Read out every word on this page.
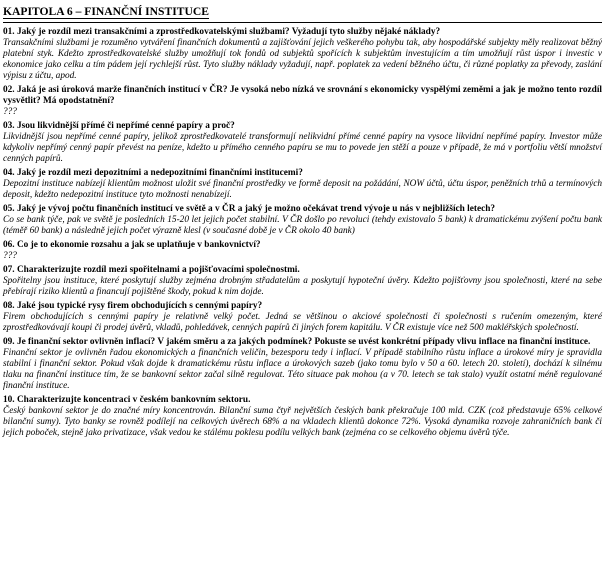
KAPITOLA 6 – FINANČNÍ INSTITUCE

01. Jaký je rozdíl mezi transakčními a zprostředkovatelskými službami? Vyžadují tyto služby nějaké náklady?

Transakčními službami je rozuměno vytváření finančních dokumentů a zajišťování jejich veškerého pohybu tak, aby hospodářské subjekty měly realizovat běžný platební styk. Kdežto zprostředkovatelské služby umožňují tok fondů od subjektů spořících k subjektům investujícím a tím umožňují růst úspor i investic v ekonomice jako celku a tím pádem její rychlejší růst. Tyto služby náklady vyžadují, např. poplatek za vedení běžného účtu, či různé poplatky za převody, zaslání výpisu z účtu, apod.

02. Jaká je asi úroková marže finančních institucí v ČR? Je vysoká nebo nízká ve srovnání s ekonomicky vyspělými zeměmi a jak je možno tento rozdíl vysvětlit? Má opodstatnění?

???

03. Jsou likvidnější přímé či nepřímé cenné papíry a proč?

Likvidnější jsou nepřímé cenné papíry, jelikož zprostředkovatelé transformují nelikvidní přímé cenné papíry na vysoce likvidní nepřímé papíry. Investor může kdykoliv nepřímý cenný papír převést na peníze, kdežto u přímého cenného papíru se mu to povede jen stěží a pouze v případě, že má v portfoliu větší množství cenných papírů.

04. Jaký je rozdíl mezi depozitními a nedepozitními finančními institucemi?

Depozitní instituce nabízejí klientům možnost uložit své finanční prostředky ve formě deposit na požádání, NOW účtů, účtu úspor, peněžních trhů a termínových deposit, kdežto nedepozitní instituce tyto možnosti nenabízejí.

05. Jaký je vývoj počtu finančních institucí ve světě a v ČR a jaký je možno očekávat trend vývoje u nás v nejbližších letech?

Co se bank týče, pak ve světě je posledních 15-20 let jejich počet stabilní. V ČR došlo po revoluci (tehdy existovalo 5 bank) k dramatickému zvýšení počtu bank (téměř 60 bank) a následně jejich počet výrazně klesl (v současné době je v ČR okolo 40 bank)

06. Co je to ekonomie rozsahu a jak se uplatňuje v bankovnictví?

???

07. Charakterizujte rozdíl mezi spořitelnami a pojišťovacími společnostmi.

Spořitelny jsou instituce, které poskytují služby zejména drobným střadatelům a poskytují hypoteční úvěry. Kdežto pojišťovny jsou společnosti, které na sebe přebírají riziko klientů a financují pojištěné škody, pokud k nim dojde.

08. Jaké jsou typické rysy firem obchodujících s cennými papíry?

Firem obchodujících s cennými papíry je relativně velký počet. Jedná se většinou o akciové společnosti či společnosti s ručením omezeným, které zprostředkovávají koupi či prodej úvěrů, vkladů, pohledávek, cenných papírů či jiných forem kapitálu. V ČR existuje více než 500 makléřských společností.

09. Je finanční sektor ovlivněn inflací? V jakém směru a za jakých podmínek? Pokuste se uvést konkrétní případy vlivu inflace na finanční instituce.

Finanční sektor je ovlivněn řadou ekonomických a finančních veličin, bezesporu tedy i inflací. V případě stabilního růstu inflace a úrokové míry je spravidla stabilní i finanční sektor. Pokud však dojde k dramatickému růstu inflace a úrokových sazeb (jako tomu bylo v 50 a 60. letech 20. století), dochází k silnému tlaku na finanční instituce tím, že se bankovní sektor začal silně regulovat. Této situace pak mohou (a v 70. letech se tak stalo) využít ostatní méně regulované finanční instituce.

10. Charakterizujte koncentraci v českém bankovním sektoru.

Český bankovní sektor je do značné míry koncentrován. Bilanční suma čtyř největších českých bank překračuje 100 mld. CZK (což představuje 65% celkové bilanční sumy). Tyto banky se rovněž podílejí na celkových úvěrech 68% a na vkladech klientů dokonce 72%. Vysoká dynamika rozvoje zahraničních bank či jejich poboček, stejně jako privatizace, však vedou ke stálému poklesu podílu velkých bank (zejména co se celkového objemu úvěrů týče.
